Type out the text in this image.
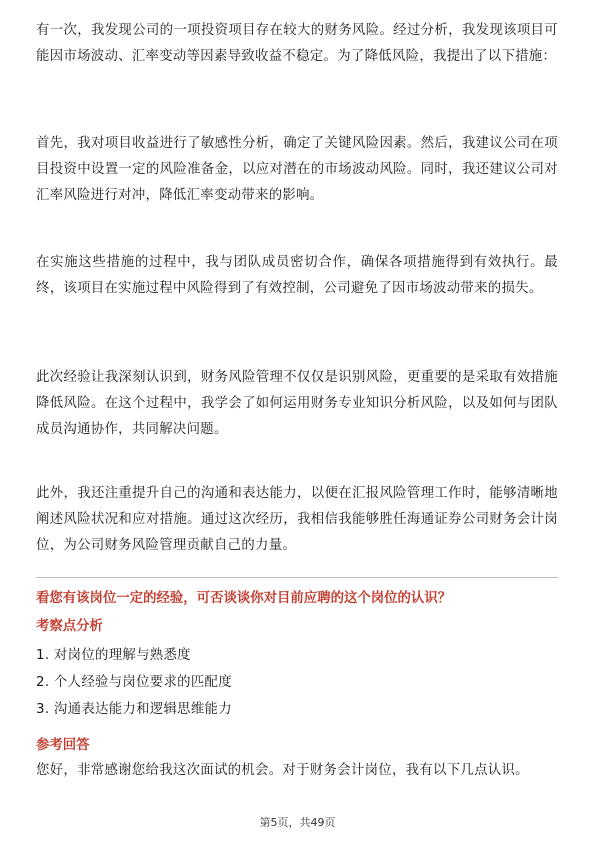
有一次，我发现公司的一项投资项目存在较大的财务风险。经过分析，我发现该项目可能因市场波动、汇率变动等因素导致收益不稳定。为了降低风险，我提出了以下措施：

首先，我对项目收益进行了敏感性分析，确定了关键风险因素。然后，我建议公司在项目投资中设置一定的风险准备金，以应对潜在的市场波动风险。同时，我还建议公司对汇率风险进行对冲，降低汇率变动带来的影响。

在实施这些措施的过程中，我与团队成员密切合作，确保各项措施得到有效执行。最终，该项目在实施过程中风险得到了有效控制，公司避免了因市场波动带来的损失。

此次经验让我深刻认识到，财务风险管理不仅仅是识别风险，更重要的是采取有效措施降低风险。在这个过程中，我学会了如何运用财务专业知识分析风险，以及如何与团队成员沟通协作，共同解决问题。

此外，我还注重提升自己的沟通和表达能力，以便在汇报风险管理工作时，能够清晰地阐述风险状况和应对措施。通过这次经历，我相信我能够胜任海通证券公司财务会计岗位，为公司财务风险管理贡献自己的力量。

看您有该岗位一定的经验，可否谈谈你对目前应聘的这个岗位的认识？

考察点分析

1. 对岗位的理解与熟悉度
2. 个人经验与岗位要求的匹配度
3. 沟通表达能力和逻辑思维能力

参考回答

您好，非常感谢您给我这次面试的机会。对于财务会计岗位，我有以下几点认识。

第5页，共49页
